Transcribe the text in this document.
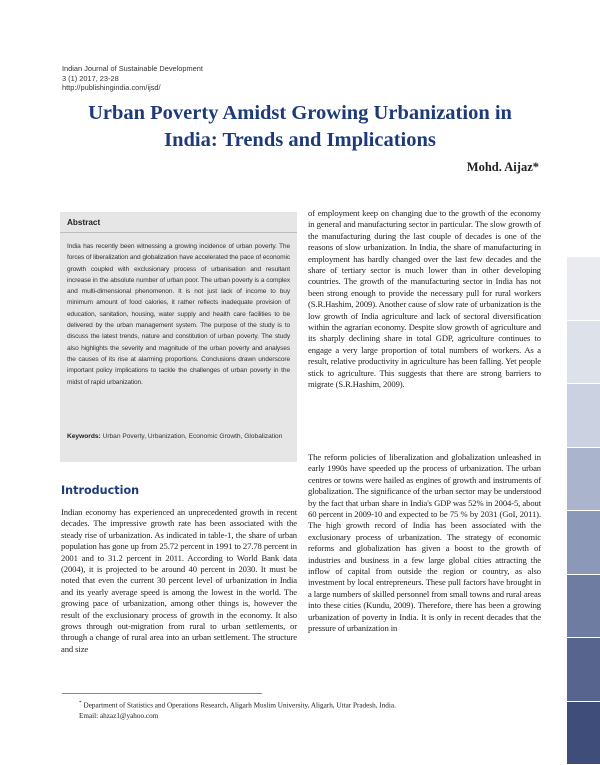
Indian Journal of Sustainable Development
3 (1) 2017, 23-28
http://publishingindia.com/ijsd/
Urban Poverty Amidst Growing Urbanization in
India: Trends and Implications
Mohd. Aijaz*
Abstract
India has recently been witnessing a growing incidence of urban poverty. The forces of liberalization and globalization have accelerated the pace of economic growth coupled with exclusionary process of urbanisation and resultant increase in the absolute number of urban poor. The urban poverty is a complex and multi-dimensional phenomenon. It is not just lack of income to buy minimum amount of food calories, it rather reflects inadequate provision of education, sanitation, housing, water supply and health care facilities to be delivered by the urban management system. The purpose of the study is to discuss the latest trends, nature and constitution of urban poverty. The study also highlights the severity and magnitude of the urban poverty and analyses the causes of its rise at alarming proportions. Conclusions drawn underscore important policy implications to tackle the challenges of urban poverty in the midst of rapid urbanization.
Keywords: Urban Poverty, Urbanization, Economic Growth, Globalization
Introduction
Indian economy has experienced an unprecedented growth in recent decades. The impressive growth rate has been associated with the steady rise of urbanization. As indicated in table-1, the share of urban population has gone up from 25.72 percent in 1991 to 27.78 percent in 2001 and to 31.2 percent in 2011. According to World Bank data (2004), it is projected to be around 40 percent in 2030. It must be noted that even the current 30 percent level of urbanization in India and its yearly average speed is among the lowest in the world. The growing pace of urbanization, among other things is, however the result of the exclusionary process of growth in the economy. It also grows through out-migration from rural to urban settlements, or through a change of rural area into an urban settlement. The structure and size
of employment keep on changing due to the growth of the economy in general and manufacturing sector in particular. The slow growth of the manufacturing during the last couple of decades is one of the reasons of slow urbanization. In India, the share of manufacturing in employment has hardly changed over the last few decades and the share of tertiary sector is much lower than in other developing countries. The growth of the manufacturing sector in India has not been strong enough to provide the necessary pull for rural workers (S.R.Hashim, 2009). Another cause of slow rate of urbanization is the low growth of India agriculture and lack of sectoral diversification within the agrarian economy. Despite slow growth of agriculture and its sharply declining share in total GDP, agriculture continues to engage a very large proportion of total numbers of workers. As a result, relative productivity in agriculture has been falling. Yet people stick to agriculture. This suggests that there are strong barriers to migrate (S.R.Hashim, 2009).
The reform policies of liberalization and globalization unleashed in early 1990s have speeded up the process of urbanization. The urban centres or towns were hailed as engines of growth and instruments of globalization. The significance of the urban sector may be understood by the fact that urban share in India's GDP was 52% in 2004-5, about 60 percent in 2009-10 and expected to be 75 % by 2031 (GoI, 2011). The high growth record of India has been associated with the exclusionary process of urbanization. The strategy of economic reforms and globalization has given a boost to the growth of industries and business in a few large global cities attracting the inflow of capital from outside the region or country, as also investment by local entrepreneurs. These pull factors have brought in a large numbers of skilled personnel from small towns and rural areas into these cities (Kundu, 2009). Therefore, there has been a growing urbanization of poverty in India. It is only in recent decades that the pressure of urbanization in
* Department of Statistics and Operations Research, Aligarh Muslim University, Aligarh, Uttar Pradesh, India.
Email: ahzaz1@yahoo.com
